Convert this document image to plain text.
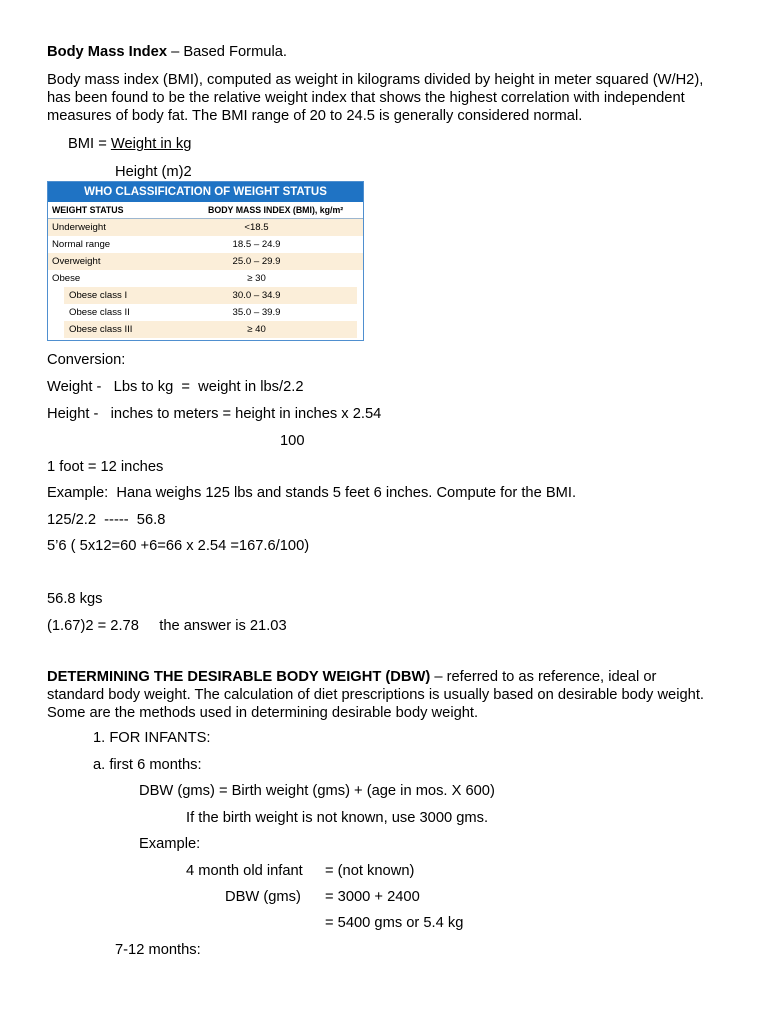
Body Mass Index – Based Formula.

Body mass index (BMI), computed as weight in kilograms divided by height in meter squared (W/H2), has been found to be the relative weight index that shows the highest correlation with independent measures of body fat. The BMI range of 20 to 24.5 is generally considered normal.

BMI = Weight in kg

Height (m)2

WHO CLASSIFICATION OF WEIGHT STATUS
WEIGHT STATUS	BODY MASS INDEX (BMI), kg/m²
Underweight	<18.5
Normal range	18.5 – 24.9
Overweight	25.0 – 29.9
Obese	≥ 30
Obese class I	30.0 – 34.9
Obese class II	35.0 – 39.9
Obese class III	≥ 40

Conversion:

Weight -   Lbs to kg  =  weight in lbs/2.2

Height -   inches to meters = height in inches x 2.54

100

1 foot = 12 inches

Example:  Hana weighs 125 lbs and stands 5 feet 6 inches. Compute for the BMI.

125/2.2  -----  56.8

5’6 ( 5x12=60 +6=66 x 2.54 =167.6/100)

56.8 kgs

(1.67)2 = 2.78     the answer is 21.03

DETERMINING THE DESIRABLE BODY WEIGHT (DBW) – referred to as reference, ideal or standard body weight. The calculation of diet prescriptions is usually based on desirable body weight. Some are the methods used in determining desirable body weight.

1. FOR INFANTS:

a. first 6 months:

DBW (gms) = Birth weight (gms) + (age in mos. X 600)

If the birth weight is not known, use 3000 gms.

Example:

4 month old infant = (not known)

DBW (gms) = 3000 + 2400

= 5400 gms or 5.4 kg

7-12 months:
